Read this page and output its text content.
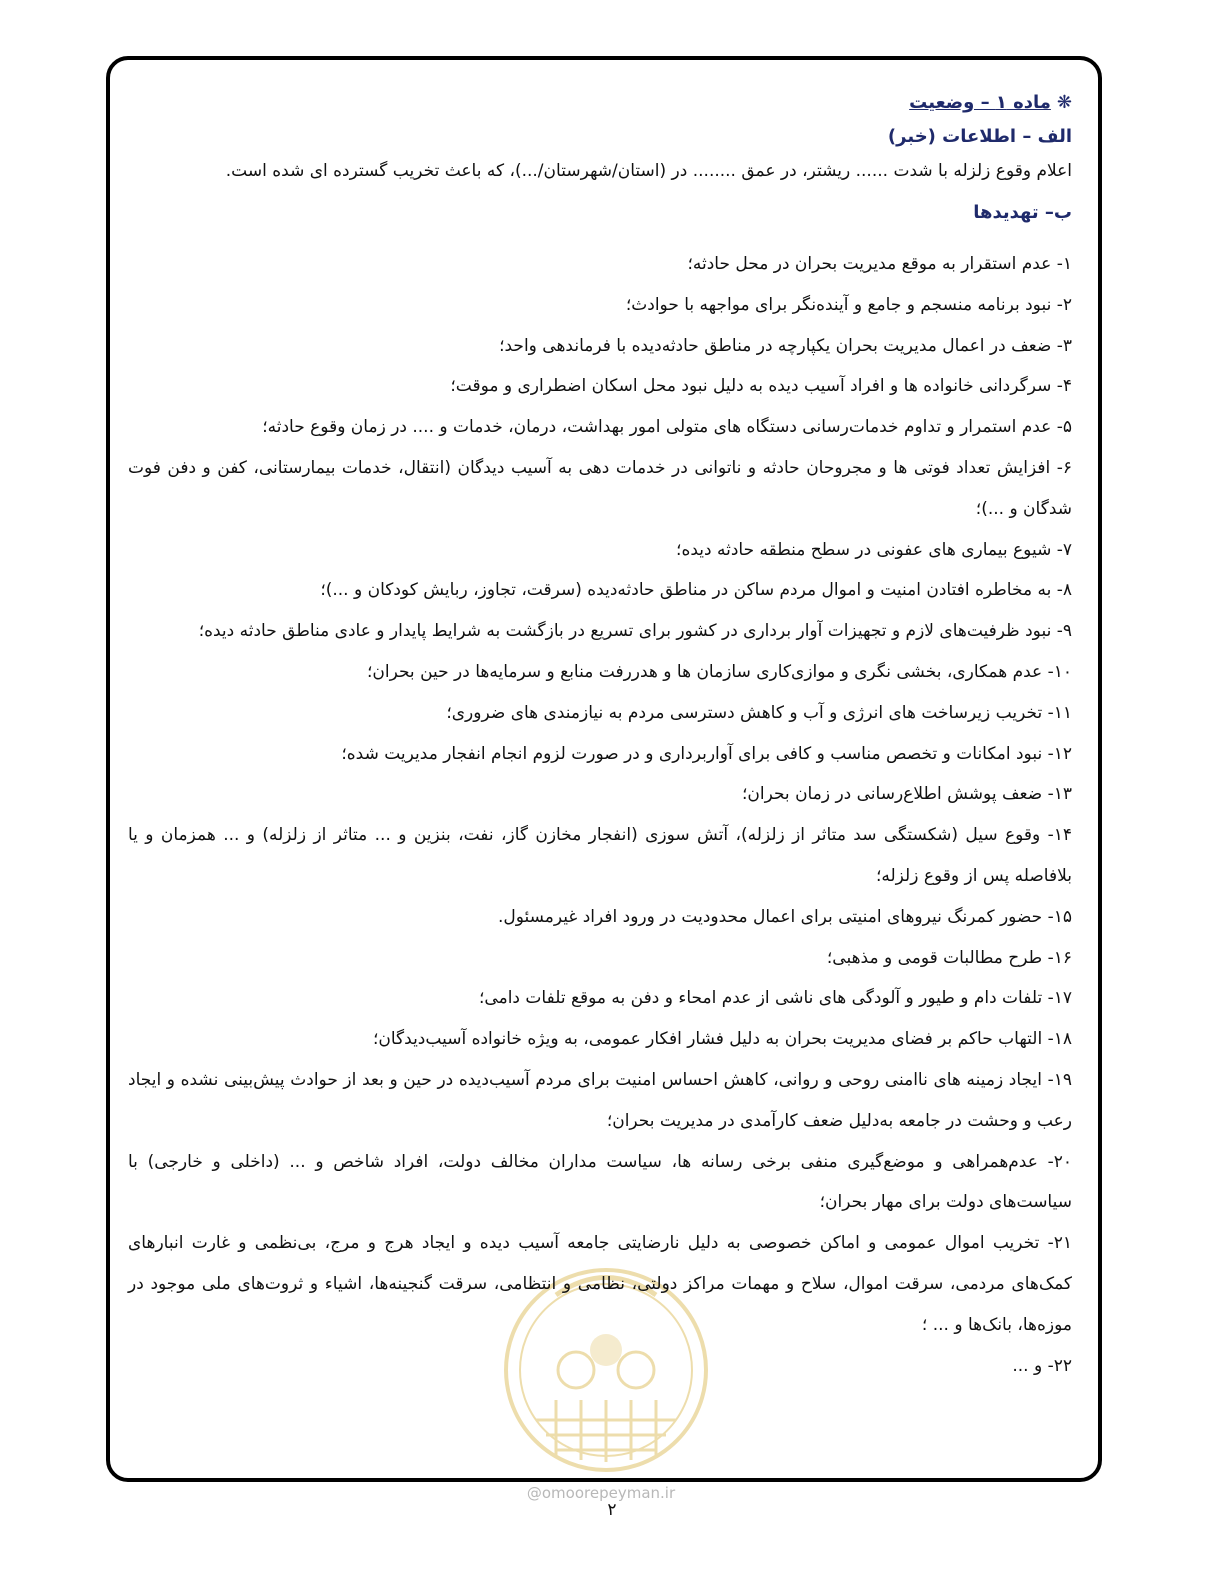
❋ماده ۱ – وضعیت
الف – اطلاعات (خبر)
اعلام وقوع زلزله با شدت ...... ریشتر، در عمق ........ در (استان/شهرستان/...)، که باعث تخریب گسترده ای شده است.
ب– تهدیدها
۱- عدم استقرار به موقع مدیریت بحران در محل حادثه؛
۲- نبود برنامه منسجم و جامع و آینده‌نگر برای مواجهه با حوادث؛
۳- ضعف در اعمال مدیریت بحران یکپارچه در مناطق حادثه‌دیده با فرماندهی واحد؛
۴- سرگردانی خانواده ها و افراد آسیب دیده به دلیل نبود محل اسکان اضطراری و موقت؛
۵- عدم استمرار و تداوم خدمات‌رسانی دستگاه های متولی امور بهداشت، درمان، خدمات و .... در زمان وقوع حادثه؛
۶- افزایش تعداد فوتی ها و مجروحان حادثه و ناتوانی در خدمات دهی به آسیب دیدگان (انتقال، خدمات بیمارستانی، کفن و دفن فوت شدگان و ...)؛
۷- شیوع بیماری های عفونی در سطح منطقه حادثه دیده؛
۸- به مخاطره افتادن امنیت و اموال مردم ساکن در مناطق حادثه‌دیده (سرقت، تجاوز، ربایش کودکان و ...)؛
۹- نبود ظرفیت‌های لازم و تجهیزات آوار برداری در کشور برای تسریع در بازگشت به شرایط پایدار و عادی مناطق حادثه دیده؛
۱۰- عدم همکاری، بخشی نگری و موازی‌کاری سازمان ها و هدررفت منابع و سرمایه‌ها در حین بحران؛
۱۱- تخریب زیرساخت های انرژی و آب و کاهش دسترسی مردم به نیازمندی های ضروری؛
۱۲- نبود امکانات و تخصص مناسب و کافی برای آواربرداری و در صورت لزوم انجام انفجار مدیریت شده؛
۱۳- ضعف پوشش اطلاع‌رسانی در زمان بحران؛
۱۴- وقوع سیل (شکستگی سد متاثر از زلزله)، آتش سوزی (انفجار مخازن گاز، نفت، بنزین و ... متاثر از زلزله) و ... همزمان و یا بلافاصله پس از وقوع زلزله؛
۱۵- حضور کمرنگ نیروهای امنیتی برای اعمال محدودیت در ورود افراد غیرمسئول.
۱۶- طرح مطالبات قومی و مذهبی؛
۱۷- تلفات دام و طیور و آلودگی های ناشی از عدم امحاء و دفن به موقع تلفات دامی؛
۱۸- التهاب حاکم بر فضای مدیریت بحران به دلیل فشار افکار عمومی، به ویژه خانواده آسیب‌دیدگان؛
۱۹- ایجاد زمینه های ناامنی روحی و روانی، کاهش احساس امنیت برای مردم آسیب‌دیده در حین و بعد از حوادث پیش‌بینی نشده و ایجاد رعب و وحشت در جامعه به‌دلیل ضعف کارآمدی در مدیریت بحران؛
۲۰- عدم‌همراهی و موضع‌گیری منفی برخی رسانه ها، سیاست مداران مخالف دولت، افراد شاخص و ... (داخلی و خارجی) با سیاست‌های دولت برای مهار بحران؛
۲۱- تخریب اموال عمومی و اماکن خصوصی به دلیل نارضایتی جامعه آسیب دیده و ایجاد هرج و مرج، بی‌نظمی و غارت انبارهای کمک‌های مردمی، سرقت اموال، سلاح و مهمات مراکز دولتی، نظامی و انتظامی، سرقت گنجینه‌ها، اشیاء و ثروت‌های ملی موجود در موزه‌ها، بانک‌ها و ... ؛
۲۲- و ...
@omoorepeyman.ir
۲
